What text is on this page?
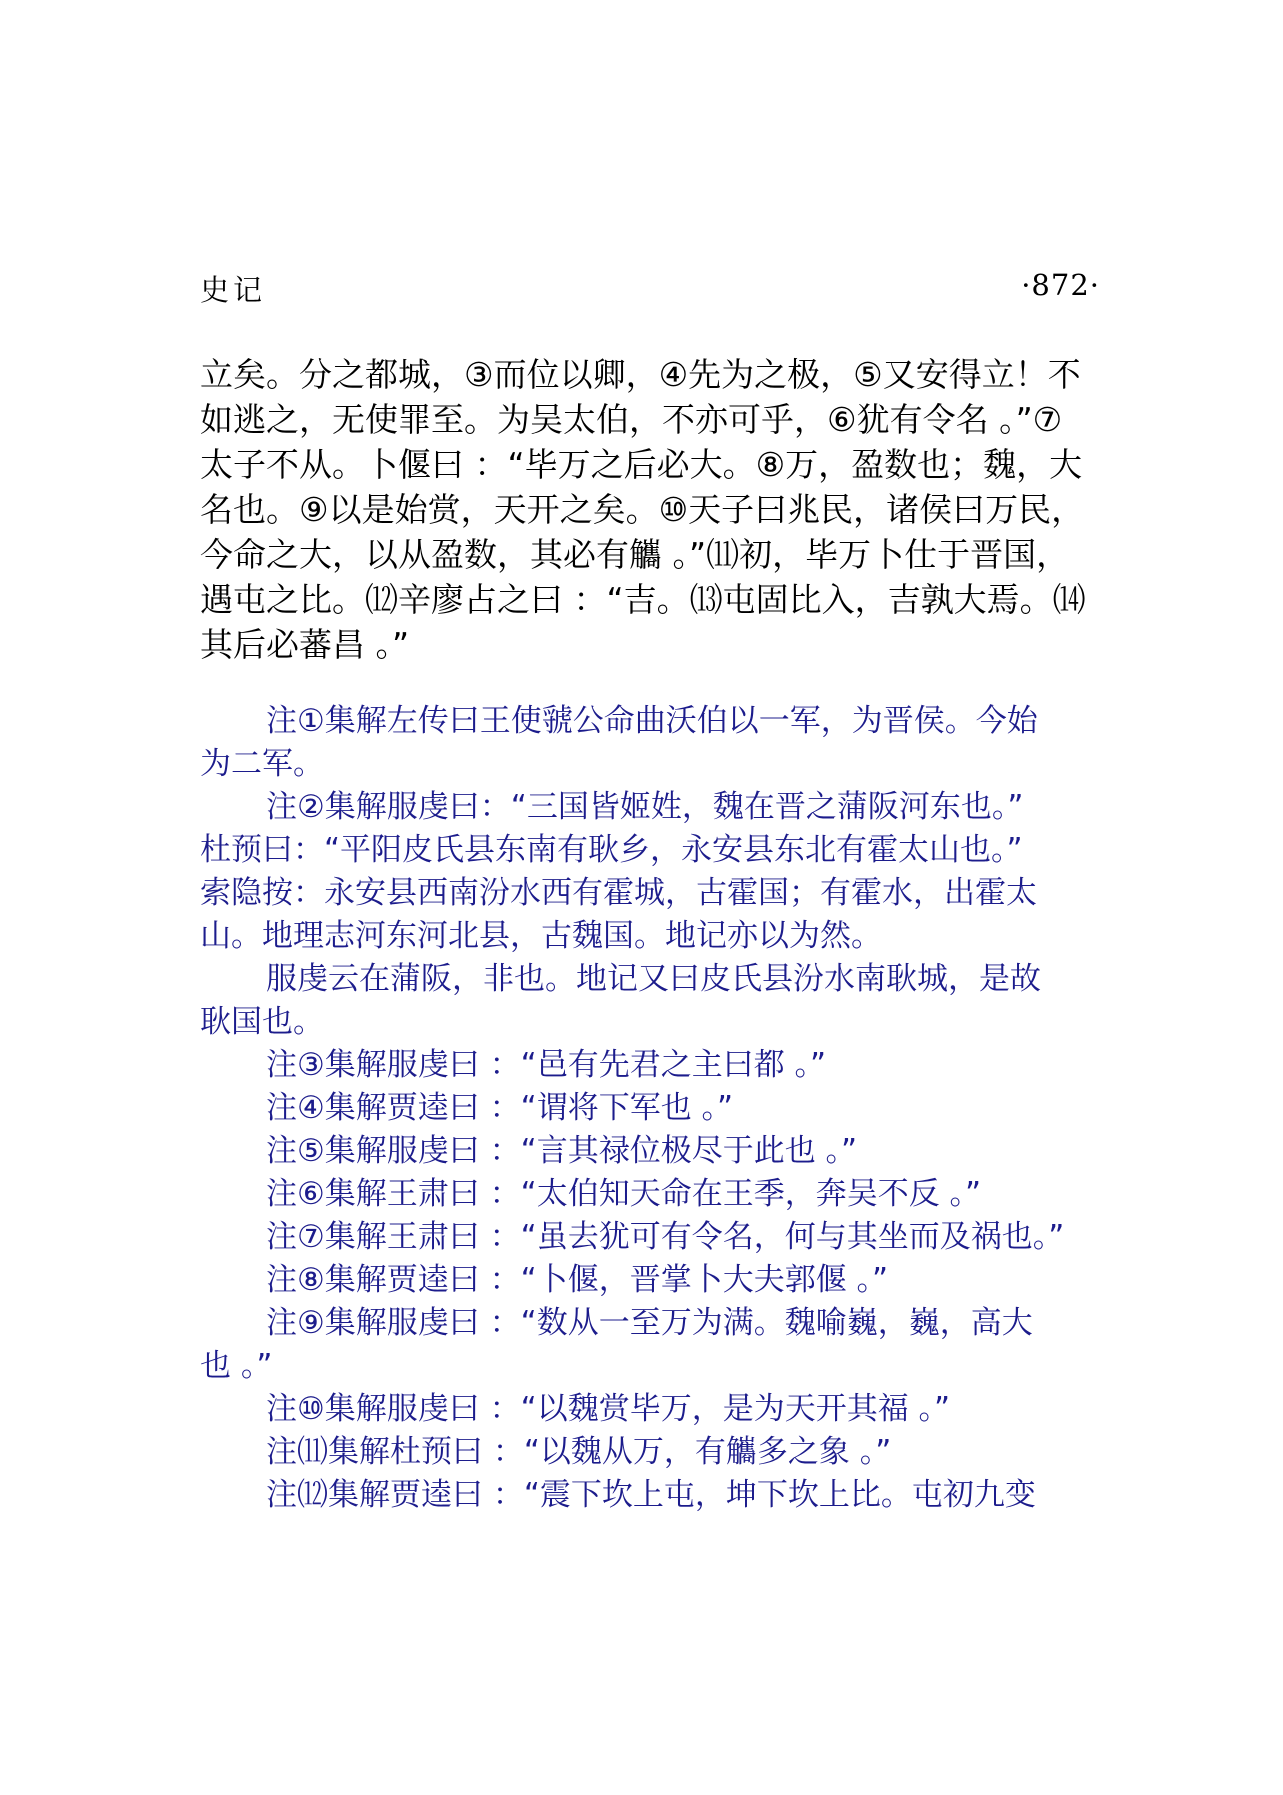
史记	·872·
立矣。分之都城，③而位以卿，④先为之极，⑤又安得立！不
如逃之，无使罪至。为吴太伯，不亦可乎，⑥犹有令名 。”⑦
太子不从。卜偃曰 ：“毕万之后必大。⑧万，盈数也；魏，大
名也。⑨以是始赏，天开之矣。⑩天子曰兆民，诸侯曰万民，
今命之大，以从盈数，其必有觿 。”⑾初，毕万卜仕于晋国，
遇屯之比。⑿辛廖占之曰 ：“吉。⒀屯固比入，吉孰大焉。⒁
其后必蕃昌 。”
注①集解左传曰王使虢公命曲沃伯以一军，为晋侯。今始
为二军。
注②集解服虔曰：“三国皆姬姓，魏在晋之蒲阪河东也。”
杜预曰：“平阳皮氏县东南有耿乡，永安县东北有霍太山也。”
索隐按：永安县西南汾水西有霍城，古霍国；有霍水，出霍太
山。地理志河东河北县，古魏国。地记亦以为然。
服虔云在蒲阪，非也。地记又曰皮氏县汾水南耿城，是故
耿国也。
注③集解服虔曰 ：“邑有先君之主曰都 。”
注④集解贾逵曰 ：“谓将下军也 。”
注⑤集解服虔曰 ：“言其禄位极尽于此也 。”
注⑥集解王肃曰 ：“太伯知天命在王季，奔吴不反 。”
注⑦集解王肃曰 ：“虽去犹可有令名，何与其坐而及祸也。”
注⑧集解贾逵曰 ：“卜偃，晋掌卜大夫郭偃 。”
注⑨集解服虔曰 ：“数从一至万为满。魏喻巍，巍，高大
也 。”
注⑩集解服虔曰 ：“以魏赏毕万，是为天开其福 。”
注⑾集解杜预曰 ：“以魏从万，有觿多之象 。”
注⑿集解贾逵曰 ：“震下坎上屯，坤下坎上比。屯初九变
